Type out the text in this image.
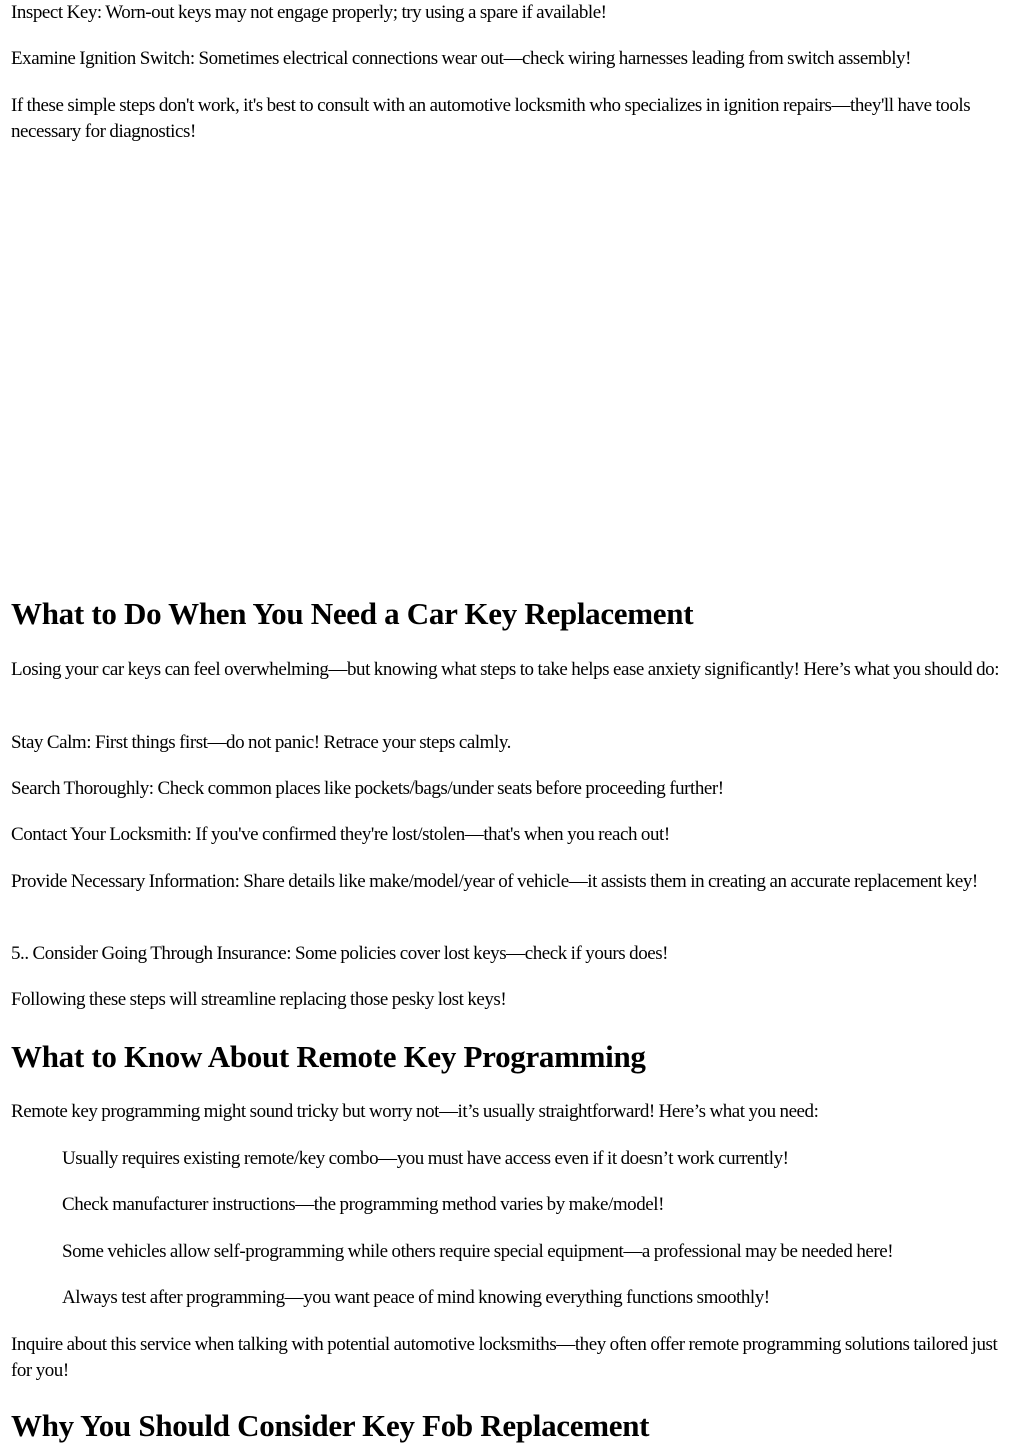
Inspect Key: Worn-out keys may not engage properly; try using a spare if available!

Examine Ignition Switch: Sometimes electrical connections wear out—check wiring harnesses leading from switch assembly!

If these simple steps don't work, it's best to consult with an automotive locksmith who specializes in ignition repairs—they'll have tools necessary for diagnostics!

What to Do When You Need a Car Key Replacement

Losing your car keys can feel overwhelming—but knowing what steps to take helps ease anxiety significantly! Here’s what you should do:

Stay Calm: First things first—do not panic! Retrace your steps calmly.

Search Thoroughly: Check common places like pockets/bags/under seats before proceeding further!

Contact Your Locksmith: If you've confirmed they're lost/stolen—that's when you reach out!

Provide Necessary Information: Share details like make/model/year of vehicle—it assists them in creating an accurate replacement key!

5.. Consider Going Through Insurance: Some policies cover lost keys—check if yours does!

Following these steps will streamline replacing those pesky lost keys!

What to Know About Remote Key Programming

Remote key programming might sound tricky but worry not—it’s usually straightforward! Here’s what you need:

Usually requires existing remote/key combo—you must have access even if it doesn’t work currently!

Check manufacturer instructions—the programming method varies by make/model!

Some vehicles allow self-programming while others require special equipment—a professional may be needed here!

Always test after programming—you want peace of mind knowing everything functions smoothly!

Inquire about this service when talking with potential automotive locksmiths—they often offer remote programming solutions tailored just for you!

Why You Should Consider Key Fob Replacement
